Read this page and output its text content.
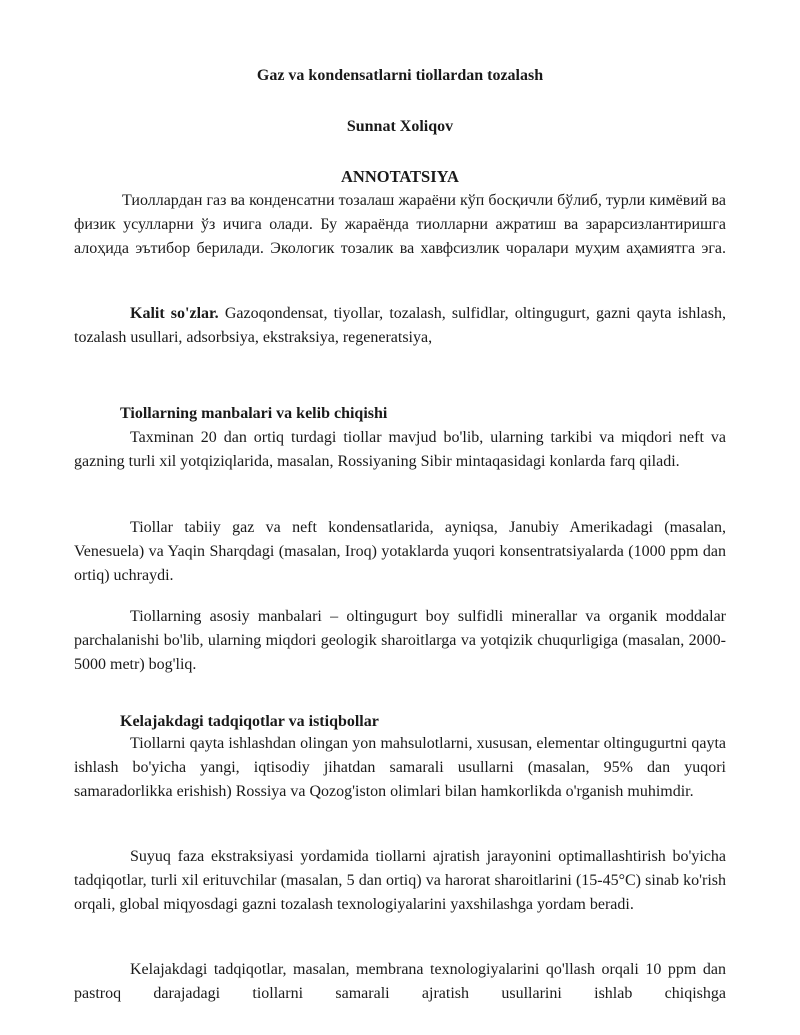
Gaz va kondensatlarni tiollardan tozalash
Sunnat Xoliqov
ANNOTATSIYA

Тиоллардан газ ва конденсатни тозалаш жараёни кўп босқичли бўлиб, турли кимёвий ва физик усулларни ўз ичига олади. Бу жараёнда тиолларни ажратиш ва зарарсизлантиришга алоҳида эътибор берилади. Экологик тозалик ва хавфсизлик чоралари муҳим аҳамиятга эга.

Kalit so'zlar. Gazoqondensat, tiyollar, tozalash, sulfidlar, oltingugurt, gazni qayta ishlash, tozalash usullari, adsorbsiya, ekstraksiya, regeneratsiya,

Tiollarning manbalari va kelib chiqishi

Taxminan 20 dan ortiq turdagi tiollar mavjud bo'lib, ularning tarkibi va miqdori neft va gazning turli xil yotqiziqlarida, masalan, Rossiyaning Sibir mintaqasidagi konlarda farq qiladi.

Tiollar tabiiy gaz va neft kondensatlarida, ayniqsa, Janubiy Amerikadagi (masalan, Venesuela) va Yaqin Sharqdagi (masalan, Iroq) yotaklarda yuqori konsentratsiyalarda (1000 ppm dan ortiq) uchraydi.

Tiollarning asosiy manbalari – oltingugurt boy sulfidli minerallar va organik moddalar parchalanishi bo'lib, ularning miqdori geologik sharoitlarga va yotqizik chuqurligiga (masalan, 2000-5000 metr) bog'liq.

Kelajakdagi tadqiqotlar va istiqbollar

Tiollarni qayta ishlashdan olingan yon mahsulotlarni, xususan, elementar oltingugurtni qayta ishlash bo'yicha yangi, iqtisodiy jihatdan samarali usullarni (masalan, 95% dan yuqori samaradorlikka erishish) Rossiya va Qozog'iston olimlari bilan hamkorlikda o'rganish muhimdir.

Suyuq faza ekstraksiyasi yordamida tiollarni ajratish jarayonini optimallashtirish bo'yicha tadqiqotlar, turli xil erituvchilar (masalan, 5 dan ortiq) va harorat sharoitlarini (15-45°C) sinab ko'rish orqali, global miqyosdagi gazni tozalash texnologiyalarini yaxshilashga yordam beradi.

Kelajakdagi tadqiqotlar, masalan, membrana texnologiyalarini qo'llash orqali 10 ppm dan pastroq darajadagi tiollarni samarali ajratish usullarini ishlab chiqishga
